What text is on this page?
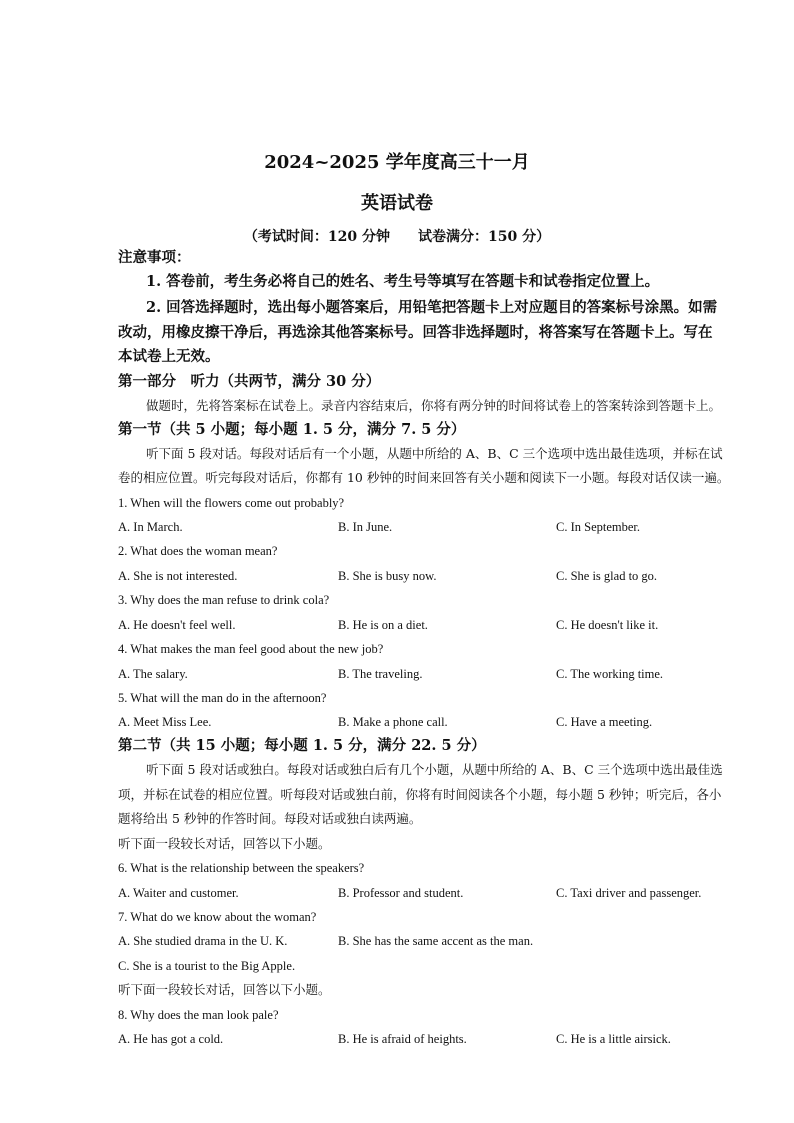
2024~2025 学年度高三十一月
英语试卷
（考试时间：120 分钟 试卷满分：150 分）
注意事项：
1. 答卷前，考生务必将自己的姓名、考生号等填写在答题卡和试卷指定位置上。
2. 回答选择题时，选出每小题答案后，用铅笔把答题卡上对应题目的答案标号涂黑。如需
改动，用橡皮擦干净后，再选涂其他答案标号。回答非选择题时，将答案写在答题卡上。写在
本试卷上无效。
第一部分　听力（共两节，满分 30 分）
做题时，先将答案标在试卷上。录音内容结束后，你将有两分钟的时间将试卷上的答案转涂到答题卡上。
第一节（共 5 小题；每小题 1. 5 分，满分 7. 5 分）
听下面 5 段对话。每段对话后有一个小题，从题中所给的 A、B、C 三个选项中选出最佳选项，并标在试
卷的相应位置。听完每段对话后，你都有 10 秒钟的时间来回答有关小题和阅读下一小题。每段对话仅读一遍。
1. When will the flowers come out probably?
A. In March.	B. In June.	C. In September.
2. What does the woman mean?
A. She is not interested.	B. She is busy now.	C. She is glad to go.
3. Why does the man refuse to drink cola?
A. He doesn't feel well.	B. He is on a diet.	C. He doesn't like it.
4. What makes the man feel good about the new job?
A. The salary.	B. The traveling.	C. The working time.
5. What will the man do in the afternoon?
A. Meet Miss Lee.	B. Make a phone call.	C. Have a meeting.
第二节（共 15 小题；每小题 1. 5 分，满分 22. 5 分）
听下面 5 段对话或独白。每段对话或独白后有几个小题，从题中所给的 A、B、C 三个选项中选出最佳选
项，并标在试卷的相应位置。听每段对话或独白前，你将有时间阅读各个小题，每小题 5 秒钟；听完后，各小
题将给出 5 秒钟的作答时间。每段对话或独白读两遍。
听下面一段较长对话，回答以下小题。
6. What is the relationship between the speakers?
A. Waiter and customer.	B. Professor and student.	C. Taxi driver and passenger.
7. What do we know about the woman?
A. She studied drama in the U. K.	B. She has the same accent as the man.
C. She is a tourist to the Big Apple.
听下面一段较长对话，回答以下小题。
8. Why does the man look pale?
A. He has got a cold.	B. He is afraid of heights.	C. He is a little airsick.
